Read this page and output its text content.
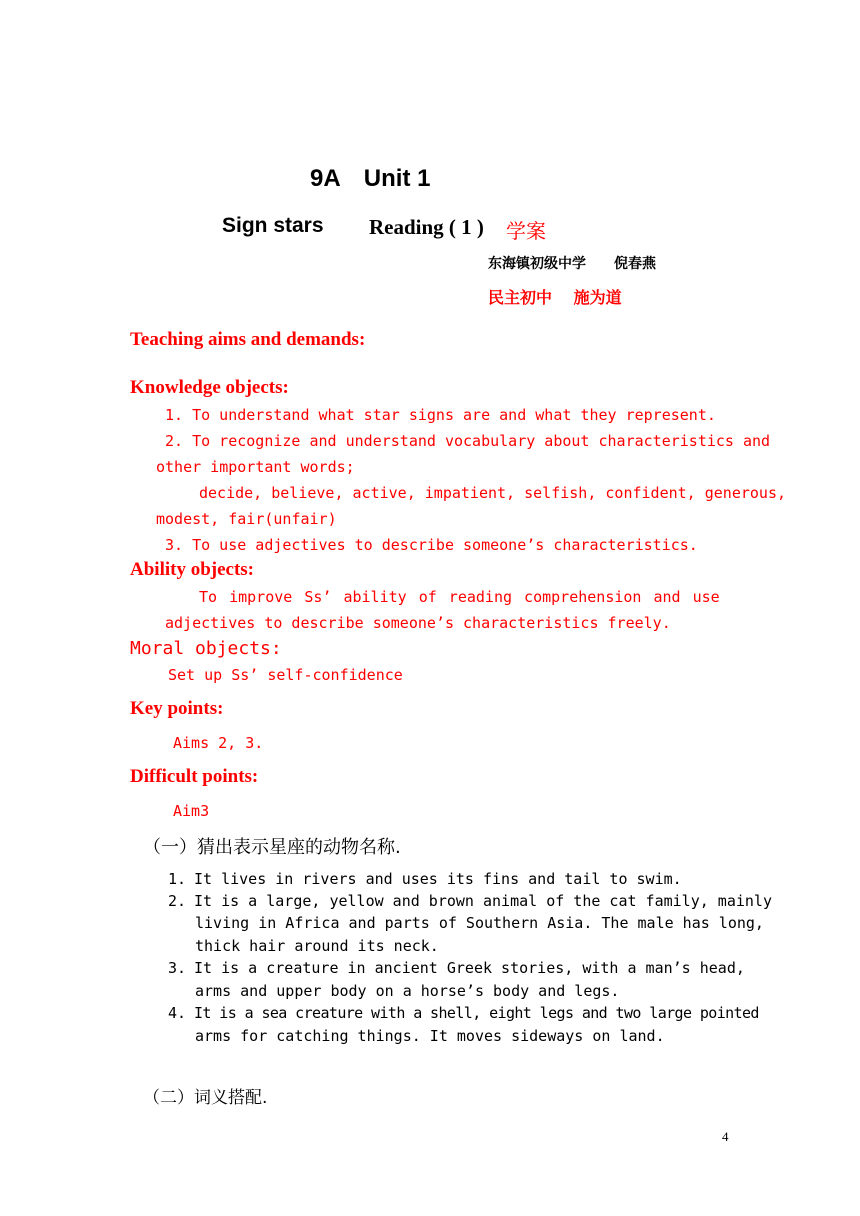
9A　Unit 1
Sign stars Reading ( 1 ) 学案
东海镇初级中学　　倪春燕
民主初中　 施为道
Teaching aims and demands:
Knowledge objects:
1. To understand what star signs are and what they represent.
2. To recognize and understand vocabulary about characteristics and
other important words;
decide, believe, active, impatient, selfish, confident, generous,
modest, fair(unfair)
3. To use adjectives to describe someone’s characteristics.
Ability objects:
To improve Ss’ ability of reading comprehension and use
adjectives to describe someone’s characteristics freely.
Moral objects:
Set up Ss’ self-confidence
Key points:
Aims 2, 3.
Difficult points:
Aim3
（一）猜出表示星座的动物名称.
1. It lives in rivers and uses its fins and tail to swim.
2. It is a large, yellow and brown animal of the cat family, mainly
living in Africa and parts of Southern Asia. The male has long,
thick hair around its neck.
3. It is a creature in ancient Greek stories, with a man’s head,
arms and upper body on a horse’s body and legs.
4. It is a sea creature with a shell, eight legs and two large pointed
arms for catching things. It moves sideways on land.
（二）词义搭配.
4
